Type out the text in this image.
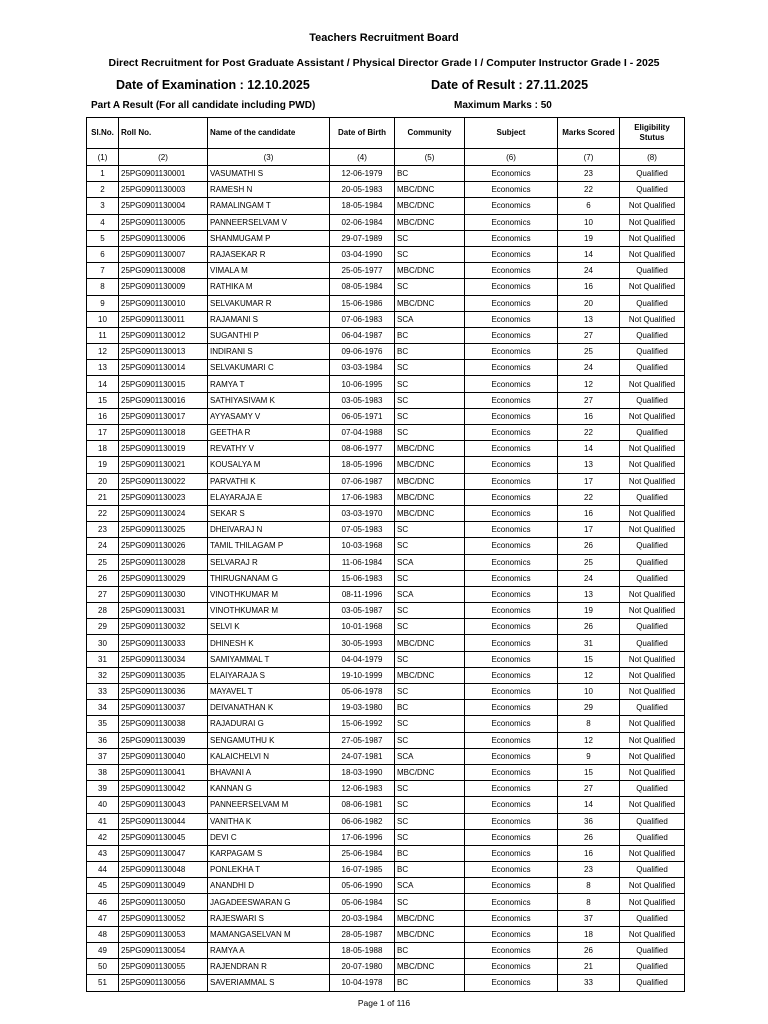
Teachers Recruitment Board
Direct Recruitment for Post Graduate Assistant / Physical Director Grade I / Computer Instructor Grade I - 2025
Date of Examination : 12.10.2025	Date of Result : 27.11.2025
Part A Result (For all candidate including PWD)	Maximum Marks : 50
Sl.No.	Roll No.	Name of the candidate	Date of Birth	Community	Subject	Marks Scored	Eligibility Stutus
(1)	(2)	(3)	(4)	(5)	(6)	(7)	(8)
1	25PG0901130001	VASUMATHI S	12-06-1979	BC	Economics	23	Qualified
2	25PG0901130003	RAMESH N	20-05-1983	MBC/DNC	Economics	22	Qualified
3	25PG0901130004	RAMALINGAM T	18-05-1984	MBC/DNC	Economics	6	Not Qualified
4	25PG0901130005	PANNEERSELVAM V	02-06-1984	MBC/DNC	Economics	10	Not Qualified
5	25PG0901130006	SHANMUGAM P	29-07-1989	SC	Economics	19	Not Qualified
6	25PG0901130007	RAJASEKAR R	03-04-1990	SC	Economics	14	Not Qualified
7	25PG0901130008	VIMALA M	25-05-1977	MBC/DNC	Economics	24	Qualified
8	25PG0901130009	RATHIKA M	08-05-1984	SC	Economics	16	Not Qualified
9	25PG0901130010	SELVAKUMAR R	15-06-1986	MBC/DNC	Economics	20	Qualified
10	25PG0901130011	RAJAMANI S	07-06-1983	SCA	Economics	13	Not Qualified
11	25PG0901130012	SUGANTHI P	06-04-1987	BC	Economics	27	Qualified
12	25PG0901130013	INDIRANI S	09-06-1976	BC	Economics	25	Qualified
13	25PG0901130014	SELVAKUMARI C	03-03-1984	SC	Economics	24	Qualified
14	25PG0901130015	RAMYA T	10-06-1995	SC	Economics	12	Not Qualified
15	25PG0901130016	SATHIYASIVAM K	03-05-1983	SC	Economics	27	Qualified
16	25PG0901130017	AYYASAMY V	06-05-1971	SC	Economics	16	Not Qualified
17	25PG0901130018	GEETHA R	07-04-1988	SC	Economics	22	Qualified
18	25PG0901130019	REVATHY V	08-06-1977	MBC/DNC	Economics	14	Not Qualified
19	25PG0901130021	KOUSALYA M	18-05-1996	MBC/DNC	Economics	13	Not Qualified
20	25PG0901130022	PARVATHI K	07-06-1987	MBC/DNC	Economics	17	Not Qualified
21	25PG0901130023	ELAYARAJA E	17-06-1983	MBC/DNC	Economics	22	Qualified
22	25PG0901130024	SEKAR S	03-03-1970	MBC/DNC	Economics	16	Not Qualified
23	25PG0901130025	DHEIVARAJ N	07-05-1983	SC	Economics	17	Not Qualified
24	25PG0901130026	TAMIL THILAGAM P	10-03-1968	SC	Economics	26	Qualified
25	25PG0901130028	SELVARAJ R	11-06-1984	SCA	Economics	25	Qualified
26	25PG0901130029	THIRUGNANAM G	15-06-1983	SC	Economics	24	Qualified
27	25PG0901130030	VINOTHKUMAR M	08-11-1996	SCA	Economics	13	Not Qualified
28	25PG0901130031	VINOTHKUMAR M	03-05-1987	SC	Economics	19	Not Qualified
29	25PG0901130032	SELVI K	10-01-1968	SC	Economics	26	Qualified
30	25PG0901130033	DHINESH K	30-05-1993	MBC/DNC	Economics	31	Qualified
31	25PG0901130034	SAMIYAMMAL T	04-04-1979	SC	Economics	15	Not Qualified
32	25PG0901130035	ELAIYARAJA S	19-10-1999	MBC/DNC	Economics	12	Not Qualified
33	25PG0901130036	MAYAVEL T	05-06-1978	SC	Economics	10	Not Qualified
34	25PG0901130037	DEIVANATHAN K	19-03-1980	BC	Economics	29	Qualified
35	25PG0901130038	RAJADURAI G	15-06-1992	SC	Economics	8	Not Qualified
36	25PG0901130039	SENGAMUTHU K	27-05-1987	SC	Economics	12	Not Qualified
37	25PG0901130040	KALAICHELVI N	24-07-1981	SCA	Economics	9	Not Qualified
38	25PG0901130041	BHAVANI A	18-03-1990	MBC/DNC	Economics	15	Not Qualified
39	25PG0901130042	KANNAN G	12-06-1983	SC	Economics	27	Qualified
40	25PG0901130043	PANNEERSELVAM M	08-06-1981	SC	Economics	14	Not Qualified
41	25PG0901130044	VANITHA K	06-06-1982	SC	Economics	36	Qualified
42	25PG0901130045	DEVI C	17-06-1996	SC	Economics	26	Qualified
43	25PG0901130047	KARPAGAM S	25-06-1984	BC	Economics	16	Not Qualified
44	25PG0901130048	PONLEKHA T	16-07-1985	BC	Economics	23	Qualified
45	25PG0901130049	ANANDHI D	05-06-1990	SCA	Economics	8	Not Qualified
46	25PG0901130050	JAGADEESWARAN G	05-06-1984	SC	Economics	8	Not Qualified
47	25PG0901130052	RAJESWARI S	20-03-1984	MBC/DNC	Economics	37	Qualified
48	25PG0901130053	MAMANGASELVAN M	28-05-1987	MBC/DNC	Economics	18	Not Qualified
49	25PG0901130054	RAMYA A	18-05-1988	BC	Economics	26	Qualified
50	25PG0901130055	RAJENDRAN R	20-07-1980	MBC/DNC	Economics	21	Qualified
51	25PG0901130056	SAVERIAMMAL S	10-04-1978	BC	Economics	33	Qualified
Page 1 of 116
